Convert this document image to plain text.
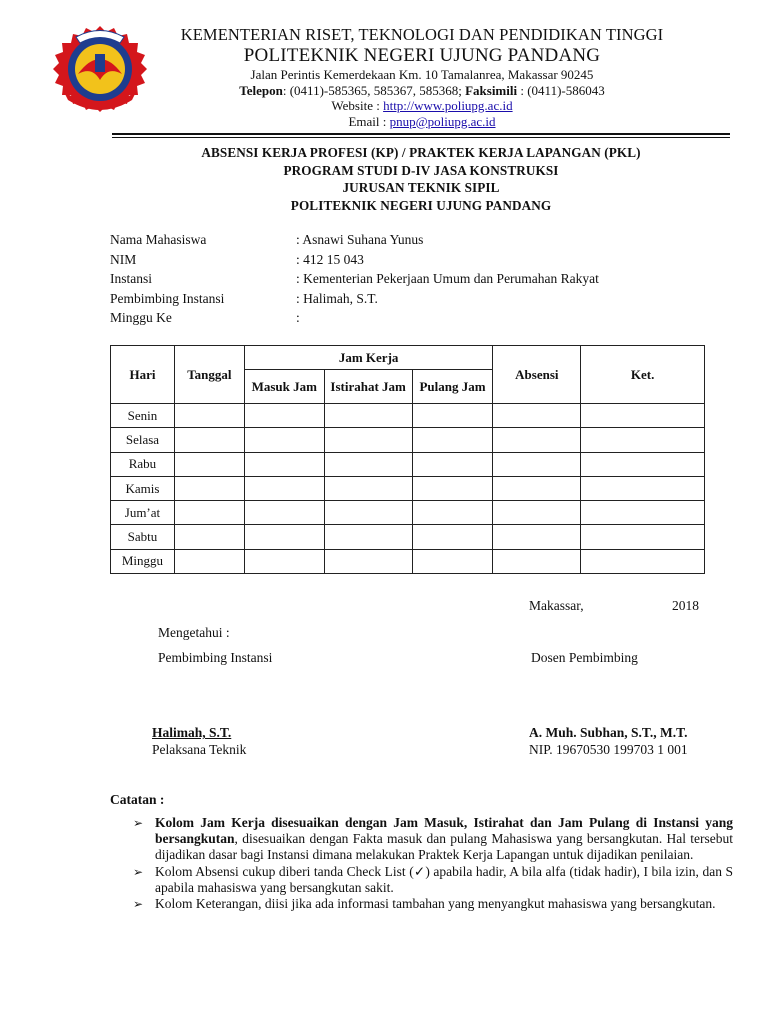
KEMENTERIAN RISET, TEKNOLOGI DAN PENDIDIKAN TINGGI
POLITEKNIK NEGERI UJUNG PANDANG
Jalan Perintis Kemerdekaan Km. 10 Tamalanrea, Makassar 90245
Telepon: (0411)-585365, 585367, 585368; Faksimili : (0411)-586043
Website : http://www.poliupg.ac.id
Email : pnup@poliupg.ac.id
ABSENSI KERJA PROFESI (KP) / PRAKTEK KERJA LAPANGAN (PKL)
PROGRAM STUDI D-IV JASA KONSTRUKSI
JURUSAN TEKNIK SIPIL
POLITEKNIK NEGERI UJUNG PANDANG
Nama Mahasiswa	: Asnawi Suhana Yunus
NIM	: 412 15 043
Instansi	: Kementerian Pekerjaan Umum dan Perumahan Rakyat
Pembimbing Instansi	: Halimah, S.T.
Minggu Ke	:
Hari	Tanggal	Jam Kerja			Absensi	Ket.
		Masuk Jam	Istirahat Jam	Pulang Jam		
Senin						
Selasa						
Rabu						
Kamis						
Jum’at						
Sabtu						
Minggu						
Makassar,	2018
Mengetahui :
Pembimbing Instansi	Dosen Pembimbing
Halimah, S.T.
Pelaksana Teknik
A. Muh. Subhan, S.T., M.T.
NIP. 19670530 199703 1 001
Catatan :
➢ Kolom Jam Kerja disesuaikan dengan Jam Masuk, Istirahat dan Jam Pulang di Instansi yang bersangkutan, disesuaikan dengan Fakta masuk dan pulang Mahasiswa yang bersangkutan. Hal tersebut dijadikan dasar bagi Instansi dimana melakukan Praktek Kerja Lapangan untuk dijadikan penilaian.
➢ Kolom Absensi cukup diberi tanda Check List (✓) apabila hadir, A bila alfa (tidak hadir), I bila izin, dan S apabila mahasiswa yang bersangkutan sakit.
➢ Kolom Keterangan, diisi jika ada informasi tambahan yang menyangkut mahasiswa yang bersangkutan.
